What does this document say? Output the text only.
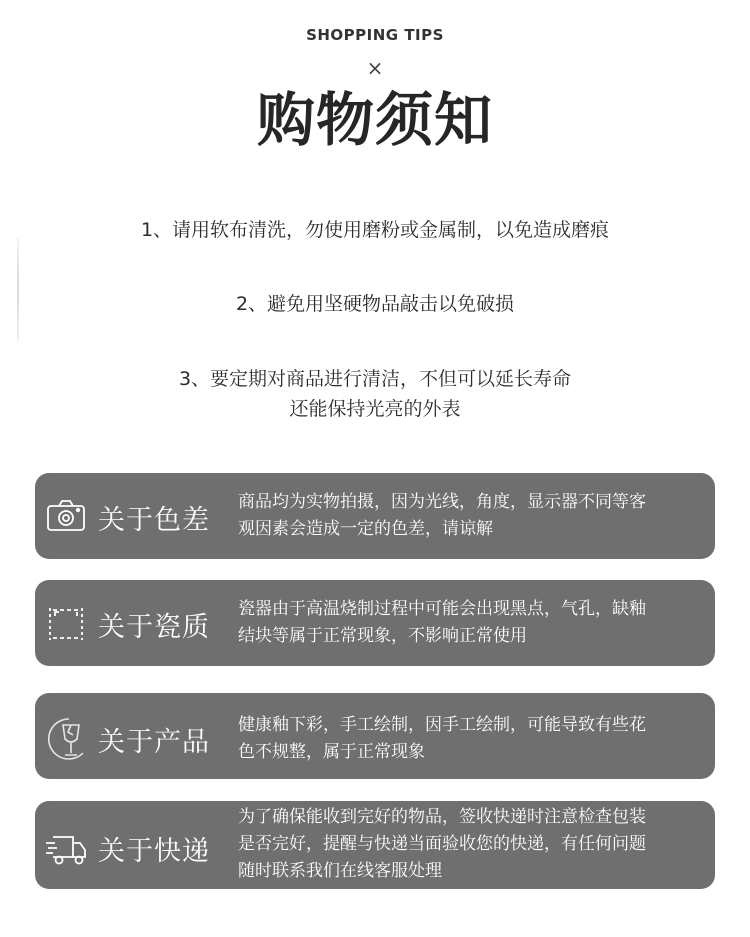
SHOPPING TIPS
×
购物须知
1、请用软布清洗，勿使用磨粉或金属制，以免造成磨痕
2、避免用坚硬物品敲击以免破损
3、要定期对商品进行清洁，不但可以延长寿命
还能保持光亮的外表
关于色差
商品均为实物拍摄，因为光线，角度，显示器不同等客
观因素会造成一定的色差，请谅解
关于瓷质
瓷器由于高温烧制过程中可能会出现黑点，气孔，缺釉
结块等属于正常现象，不影响正常使用
关于产品
健康釉下彩，手工绘制，因手工绘制，可能导致有些花
色不规整，属于正常现象
关于快递
为了确保能收到完好的物品，签收快递时注意检查包装
是否完好，提醒与快递当面验收您的快递，有任何问题
随时联系我们在线客服处理
